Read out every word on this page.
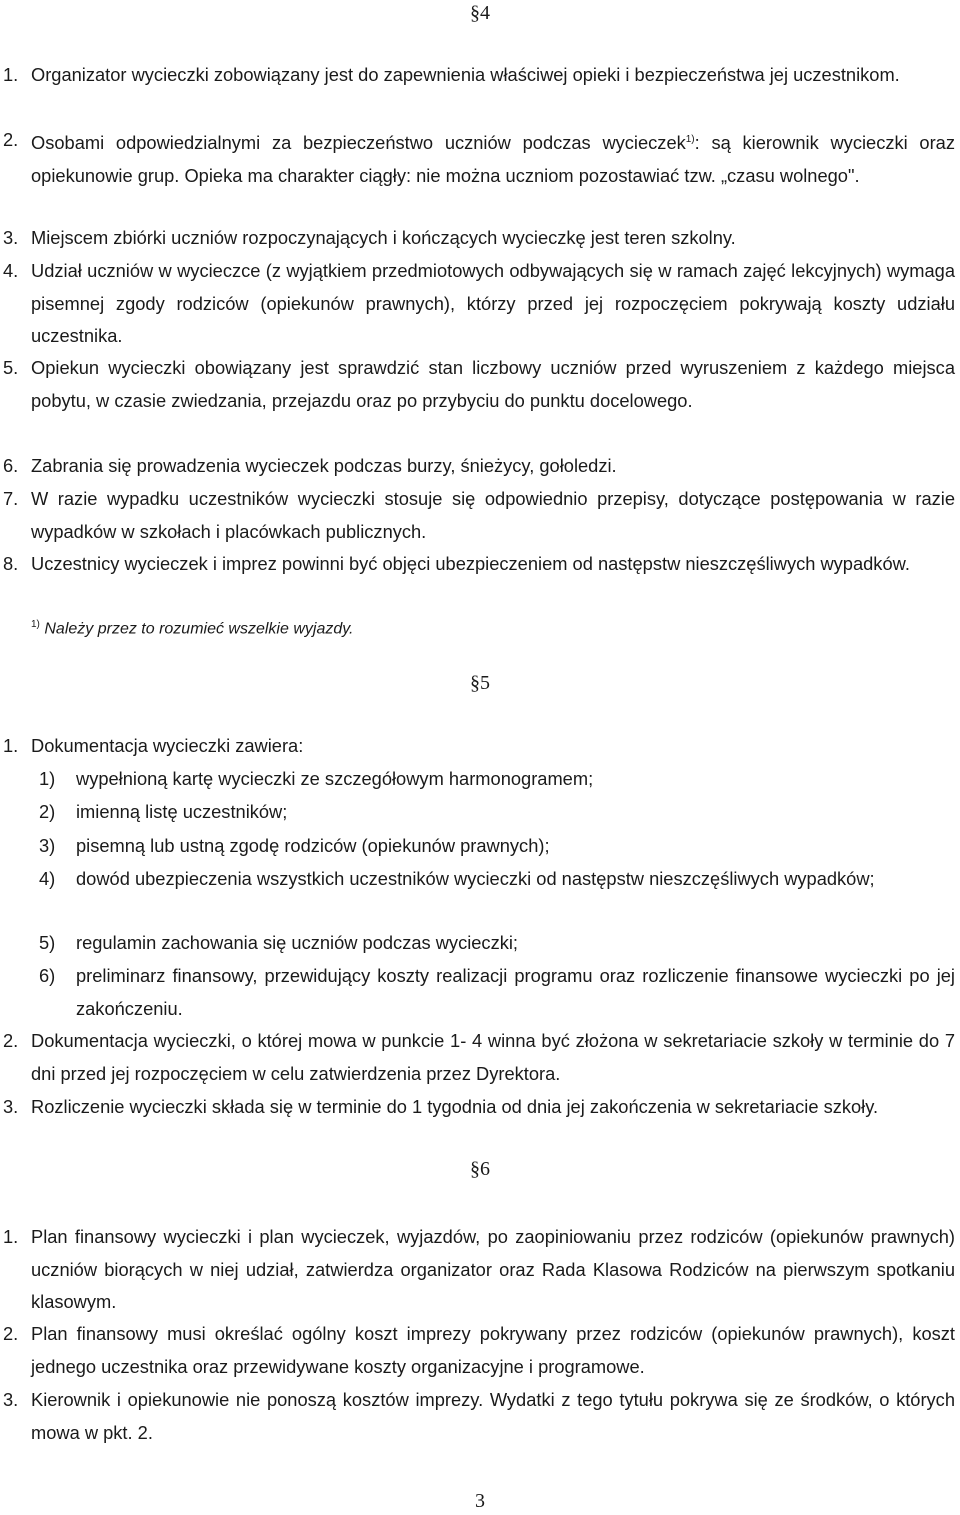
§4
1. Organizator wycieczki zobowiązany jest do zapewnienia właściwej opieki i bezpieczeństwa jej uczestnikom.
2. Osobami odpowiedzialnymi za bezpieczeństwo uczniów podczas wycieczek$^{1)}$: są kierownik wycieczki oraz opiekunowie grup. Opieka ma charakter ciągły: nie można uczniom pozostawiać tzw. „czasu wolnego".
3. Miejscem zbiórki uczniów rozpoczynających i kończących wycieczkę jest teren szkolny.
4. Udział uczniów w wycieczce (z wyjątkiem przedmiotowych odbywających się w ramach zajęć lekcyjnych) wymaga pisemnej zgody rodziców (opiekunów prawnych), którzy przed jej rozpoczęciem pokrywają koszty udziału uczestnika.
5. Opiekun wycieczki obowiązany jest sprawdzić stan liczbowy uczniów przed wyruszeniem z każdego miejsca pobytu, w czasie zwiedzania, przejazdu oraz po przybyciu do punktu docelowego.
6. Zabrania się prowadzenia wycieczek podczas burzy, śnieżycy, gołoledzi.
7. W razie wypadku uczestników wycieczki stosuje się odpowiednio przepisy, dotyczące postępowania w razie wypadków w szkołach i placówkach publicznych.
8. Uczestnicy wycieczek i imprez powinni być objęci ubezpieczeniem od następstw nieszczęśliwych wypadków.
$^{1)}$ Należy przez to rozumieć wszelkie wyjazdy.
§5
1. Dokumentacja wycieczki zawiera:
1) wypełnioną kartę wycieczki ze szczegółowym harmonogramem;
2) imienną listę uczestników;
3) pisemną lub ustną zgodę rodziców (opiekunów prawnych);
4) dowód ubezpieczenia wszystkich uczestników wycieczki od następstw nieszczęśliwych wypadków;
5) regulamin zachowania się uczniów podczas wycieczki;
6) preliminarz finansowy, przewidujący koszty realizacji programu oraz rozliczenie finansowe wycieczki po jej zakończeniu.
2. Dokumentacja wycieczki, o której mowa w punkcie 1- 4 winna być złożona w sekretariacie szkoły w terminie do 7 dni przed jej rozpoczęciem w celu zatwierdzenia przez Dyrektora.
3. Rozliczenie wycieczki składa się w terminie do 1 tygodnia od dnia jej zakończenia w sekretariacie szkoły.
§6
1. Plan finansowy wycieczki i plan wycieczek, wyjazdów, po zaopiniowaniu przez rodziców (opiekunów prawnych) uczniów biorących w niej udział, zatwierdza organizator oraz Rada Klasowa Rodziców na pierwszym spotkaniu klasowym.
2. Plan finansowy musi określać ogólny koszt imprezy pokrywany przez rodziców (opiekunów prawnych), koszt jednego uczestnika oraz przewidywane koszty organizacyjne i programowe.
3. Kierownik i opiekunowie nie ponoszą kosztów imprezy. Wydatki z tego tytułu pokrywa się ze środków, o których mowa w pkt. 2.
3
